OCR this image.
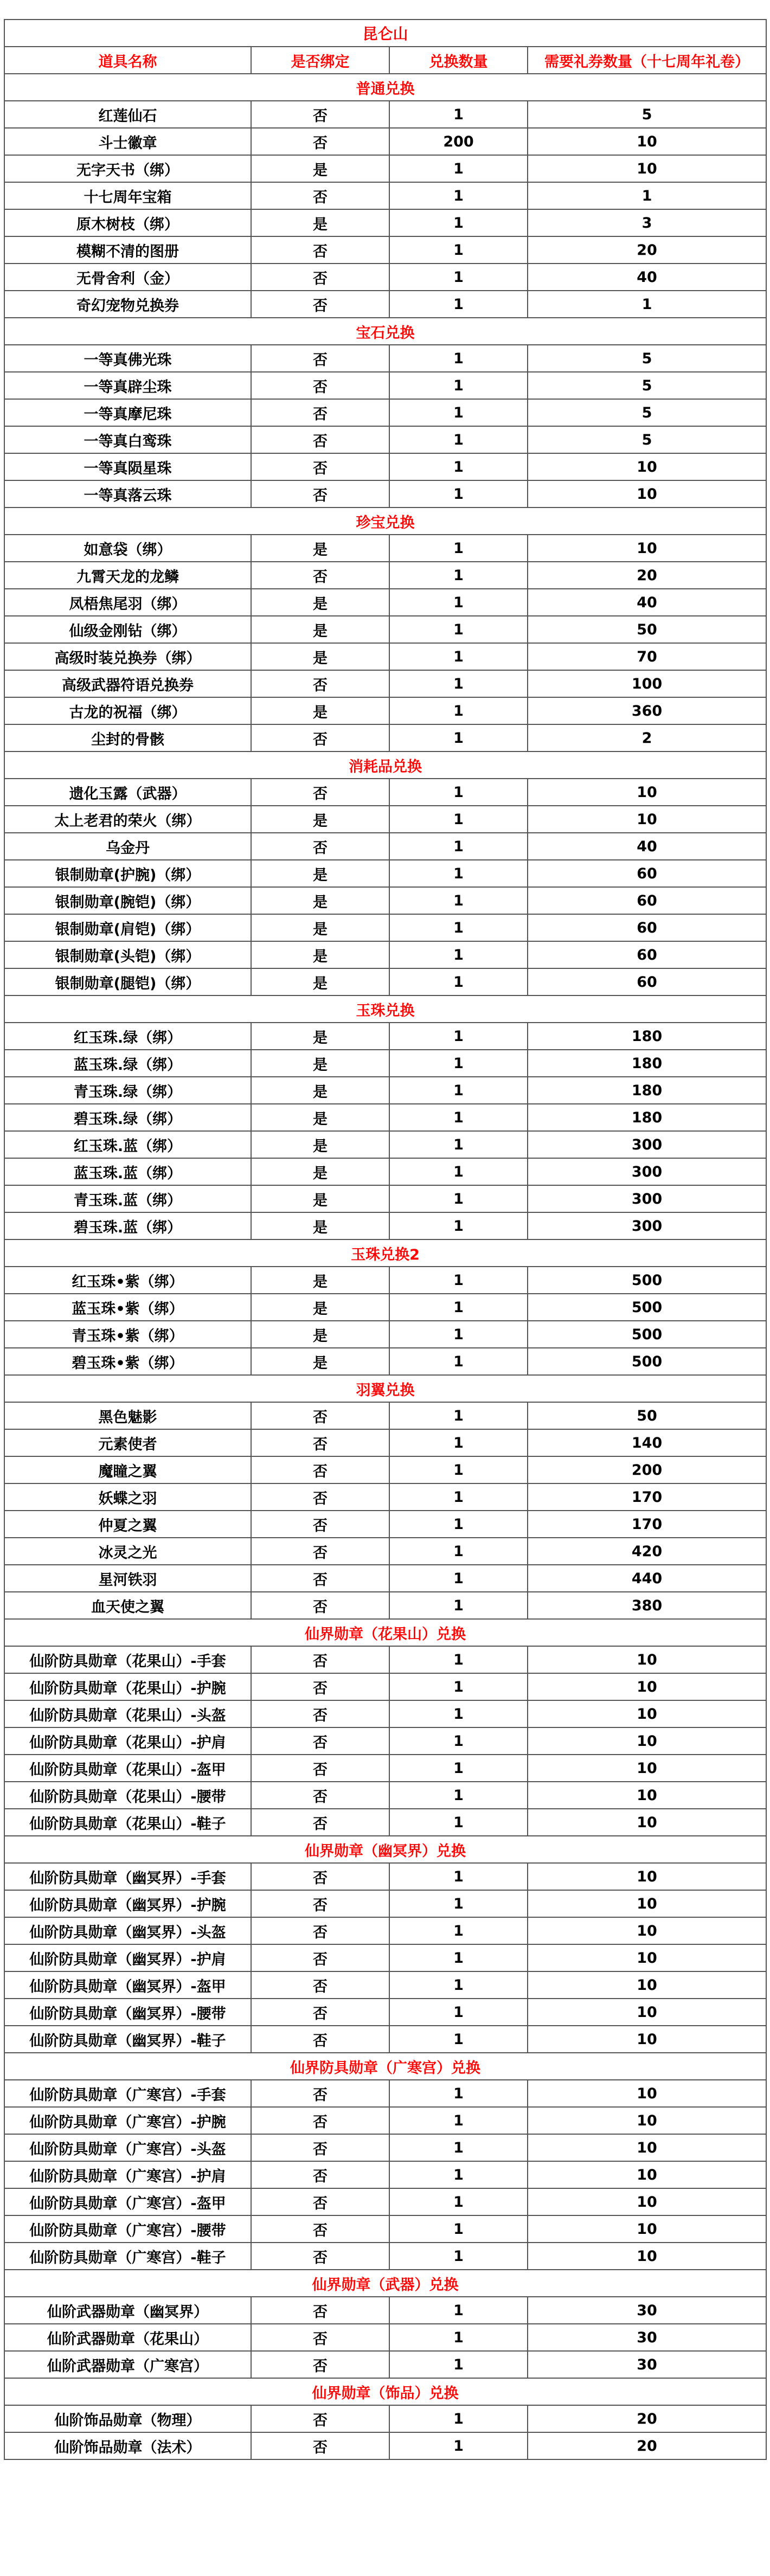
昆仑山			
道具名称	是否绑定	兑换数量	需要礼券数量（十七周年礼卷）
普通兑换			
红莲仙石	否	1	5
斗士徽章	否	200	10
无字天书（绑）	是	1	10
十七周年宝箱	否	1	1
原木树枝（绑）	是	1	3
模糊不清的图册	否	1	20
无骨舍利（金）	否	1	40
奇幻宠物兑换券	否	1	1
宝石兑换			
一等真佛光珠	否	1	5
一等真辟尘珠	否	1	5
一等真摩尼珠	否	1	5
一等真白鸾珠	否	1	5
一等真陨星珠	否	1	10
一等真落云珠	否	1	10
珍宝兑换			
如意袋（绑）	是	1	10
九霄天龙的龙鳞	否	1	20
凤梧焦尾羽（绑）	是	1	40
仙级金刚钻（绑）	是	1	50
高级时装兑换券（绑）	是	1	70
高级武器符语兑换券	否	1	100
古龙的祝福（绑）	是	1	360
尘封的骨骸	否	1	2
消耗品兑换			
遗化玉露（武器）	否	1	10
太上老君的荣火（绑）	是	1	10
乌金丹	否	1	40
银制勋章(护腕)（绑）	是	1	60
银制勋章(腕铠)（绑）	是	1	60
银制勋章(肩铠)（绑）	是	1	60
银制勋章(头铠)（绑）	是	1	60
银制勋章(腿铠)（绑）	是	1	60
玉珠兑换			
红玉珠.绿（绑）	是	1	180
蓝玉珠.绿（绑）	是	1	180
青玉珠.绿（绑）	是	1	180
碧玉珠.绿（绑）	是	1	180
红玉珠.蓝（绑）	是	1	300
蓝玉珠.蓝（绑）	是	1	300
青玉珠.蓝（绑）	是	1	300
碧玉珠.蓝（绑）	是	1	300
玉珠兑换2			
红玉珠•紫（绑）	是	1	500
蓝玉珠•紫（绑）	是	1	500
青玉珠•紫（绑）	是	1	500
碧玉珠•紫（绑）	是	1	500
羽翼兑换			
黑色魅影	否	1	50
元素使者	否	1	140
魔瞳之翼	否	1	200
妖蝶之羽	否	1	170
仲夏之翼	否	1	170
冰灵之光	否	1	420
星河铁羽	否	1	440
血天使之翼	否	1	380
仙界勋章（花果山）兑换			
仙阶防具勋章（花果山）-手套	否	1	10
仙阶防具勋章（花果山）-护腕	否	1	10
仙阶防具勋章（花果山）-头盔	否	1	10
仙阶防具勋章（花果山）-护肩	否	1	10
仙阶防具勋章（花果山）-盔甲	否	1	10
仙阶防具勋章（花果山）-腰带	否	1	10
仙阶防具勋章（花果山）-鞋子	否	1	10
仙界勋章（幽冥界）兑换			
仙阶防具勋章（幽冥界）-手套	否	1	10
仙阶防具勋章（幽冥界）-护腕	否	1	10
仙阶防具勋章（幽冥界）-头盔	否	1	10
仙阶防具勋章（幽冥界）-护肩	否	1	10
仙阶防具勋章（幽冥界）-盔甲	否	1	10
仙阶防具勋章（幽冥界）-腰带	否	1	10
仙阶防具勋章（幽冥界）-鞋子	否	1	10
仙界防具勋章（广寒宫）兑换			
仙阶防具勋章（广寒宫）-手套	否	1	10
仙阶防具勋章（广寒宫）-护腕	否	1	10
仙阶防具勋章（广寒宫）-头盔	否	1	10
仙阶防具勋章（广寒宫）-护肩	否	1	10
仙阶防具勋章（广寒宫）-盔甲	否	1	10
仙阶防具勋章（广寒宫）-腰带	否	1	10
仙阶防具勋章（广寒宫）-鞋子	否	1	10
仙界勋章（武器）兑换			
仙阶武器勋章（幽冥界）	否	1	30
仙阶武器勋章（花果山）	否	1	30
仙阶武器勋章（广寒宫）	否	1	30
仙界勋章（饰品）兑换			
仙阶饰品勋章（物理）	否	1	20
仙阶饰品勋章（法术）	否	1	20
